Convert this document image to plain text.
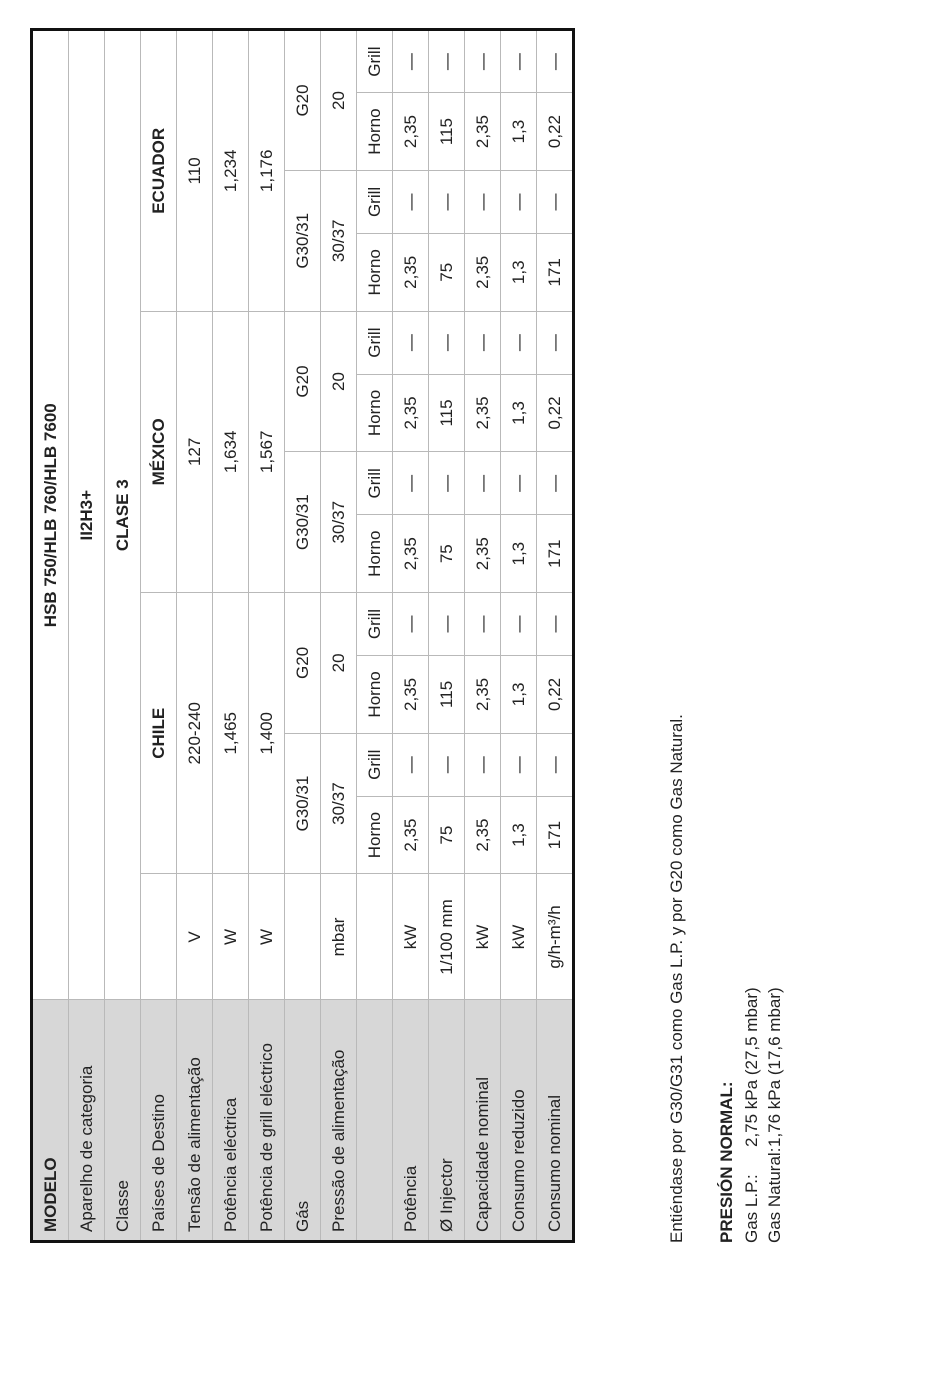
MODELO	HSB 750/HLB 760/HLB 7600												
Aparelho de categoria	II2H3+												
Classe	CLASE 3												
Países de Destino		CHILE				MÉXICO				ECUADOR			
Tensão de alimentação	V	220-240				127				110			
Potência eléctrica	W	1,465				1,634				1,234			
Potência de grill eléctrico	W	1,400				1,567				1,176			
Gás		G30/31		G20		G30/31		G20		G30/31		G20	
Pressão de alimentação	mbar	30/37		20		30/37		20		30/37		20	
		Horno	Grill	Horno	Grill	Horno	Grill	Horno	Grill	Horno	Grill	Horno	Grill
Potência	kW	2,35	—	2,35	—	2,35	—	2,35	—	2,35	—	2,35	—
Ø Injector	1/100 mm	75	—	115	—	75	—	115	—	75	—	115	—
Capacidade nominal	kW	2,35	—	2,35	—	2,35	—	2,35	—	2,35	—	2,35	—
Consumo reduzido	kW	1,3	—	1,3	—	1,3	—	1,3	—	1,3	—	1,3	—
Consumo nominal	g/h-m³/h	171	—	0,22	—	171	—	0,22	—	171	—	0,22	—
Entiéndase por G30/G31 como Gas L.P. y por G20 como Gas Natural. PRESIÓN NORMAL: Gas L.P.:2,75 kPa (27,5 mbar)
Gas Natural:1,76 kPa (17,6 mbar)
